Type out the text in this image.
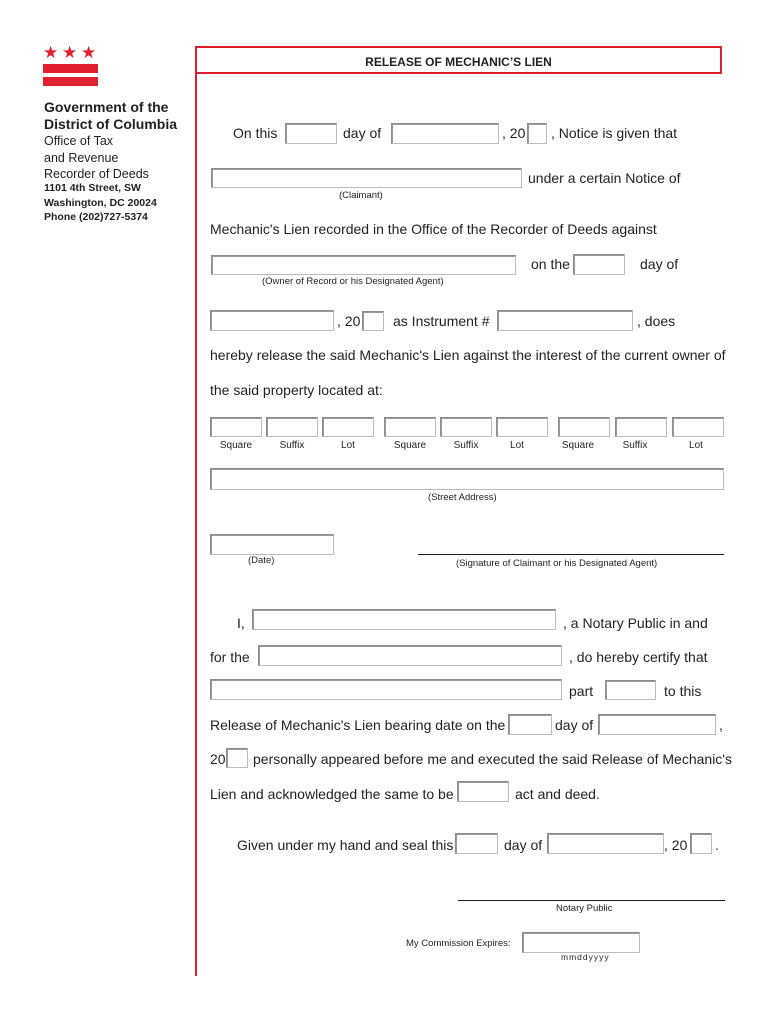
★ ★ ★
Government of the
District of Columbia
Office of Tax
and Revenue
Recorder of Deeds
1101 4th Street, SW
Washington, DC 20024
Phone (202)727-5374
RELEASE OF MECHANIC’S LIEN
On this	day of	, 20 , Notice is given that
under a certain Notice of
(Claimant)
Mechanic's Lien recorded in the Office of the Recorder of Deeds against
on the	day of
(Owner of Record or his Designated Agent)
, 20 as Instrument #	, does
hereby release the said Mechanic's Lien against the interest of the current owner of
the said property located at:
Square	Suffix	Lot	Square	Suffix	Lot	Square	Suffix	Lot
(Street Address)
(Date)	(Signature of Claimant or his Designated Agent)
I,	, a Notary Public in and
for the	, do hereby certify that
part	to this
Release of Mechanic's Lien bearing date on the	day of	,
20 personally appeared before me and executed the said Release of Mechanic's
Lien and acknowledged the same to be	act and deed.
Given under my hand and seal this	day of	, 20 .
Notary Public
My Commission Expires:
mmddyyyy
